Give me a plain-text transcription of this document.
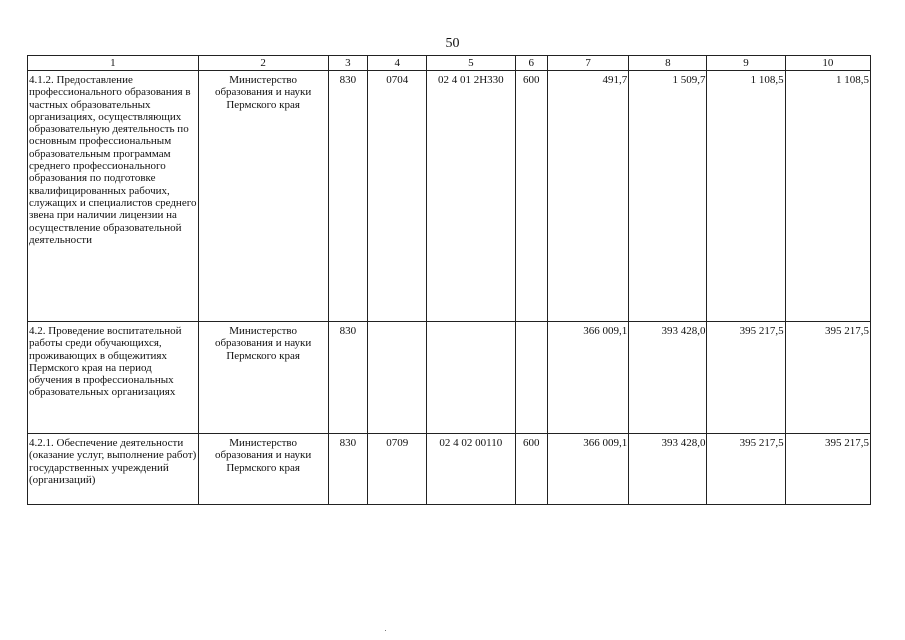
50
1	2	3	4	5	6	7	8	9	10
4.1.2. Предоставление профессионального образования в частных образовательных организациях, осуществляющих образовательную деятельность по основным профессиональным образовательным программам среднего профессионального образования по подготовке квалифицированных рабочих, служащих и специалистов среднего звена при наличии лицензии на осуществление образовательной деятельности	Министерство образования и науки Пермского края	830	0704	02 4 01 2Н330	600	491,7	1 509,7	1 108,5	1 108,5
4.2. Проведение воспитательной работы среди обучающихся, проживающих в общежитиях Пермского края на период обучения в профессиональных образовательных организациях	Министерство образования и науки Пермского края	830				366 009,1	393 428,0	395 217,5	395 217,5
4.2.1. Обеспечение деятельности (оказание услуг, выполнение работ) государственных учреждений (организаций)	Министерство образования и науки Пермского края	830	0709	02 4 02 00110	600	366 009,1	393 428,0	395 217,5	395 217,5
